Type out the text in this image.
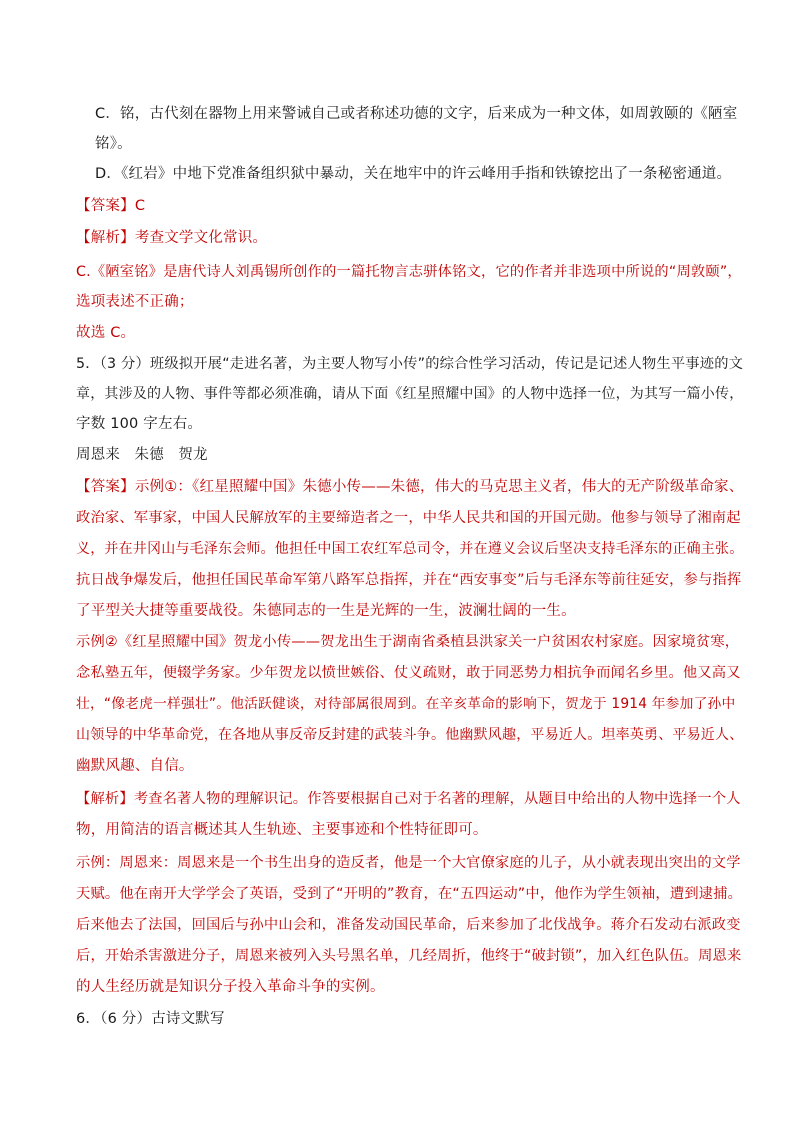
C．铭，古代刻在器物上用来警诫自己或者称述功德的文字，后来成为一种文体，如周敦颐的《陋室
铭》。
D．《红岩》中地下党准备组织狱中暴动，关在地牢中的许云峰用手指和铁镣挖出了一条秘密通道。
【答案】C
【解析】考查文学文化常识。
C.《陋室铭》是唐代诗人刘禹锡所创作的一篇托物言志骈体铭文，它的作者并非选项中所说的“周敦颐”，
选项表述不正确；
故选 C。
5．（3 分）班级拟开展“走进名著，为主要人物写小传”的综合性学习活动，传记是记述人物生平事迹的文
章，其涉及的人物、事件等都必须准确，请从下面《红星照耀中国》的人物中选择一位，为其写一篇小传，
字数 100 字左右。
周恩来   朱德   贺龙
【答案】示例①：《红星照耀中国》朱德小传——朱德，伟大的马克思主义者，伟大的无产阶级革命家、
政治家、军事家，中国人民解放军的主要缔造者之一，中华人民共和国的开国元勋。他参与领导了湘南起
义，并在井冈山与毛泽东会师。他担任中国工农红军总司令，并在遵义会议后坚决支持毛泽东的正确主张。
抗日战争爆发后，他担任国民革命军第八路军总指挥，并在“西安事变”后与毛泽东等前往延安，参与指挥
了平型关大捷等重要战役。朱德同志的一生是光辉的一生，波澜壮阔的一生。
示例②《红星照耀中国》贺龙小传——贺龙出生于湖南省桑植县洪家关一户贫困农村家庭。因家境贫寒，
念私塾五年，便辍学务家。少年贺龙以愤世嫉俗、仗义疏财，敢于同恶势力相抗争而闻名乡里。他又高又
壮，“像老虎一样强壮”。他活跃健谈，对待部属很周到。在辛亥革命的影响下，贺龙于 1914 年参加了孙中
山领导的中华革命党，在各地从事反帝反封建的武装斗争。他幽默风趣，平易近人。坦率英勇、平易近人、
幽默风趣、自信。
【解析】考查名著人物的理解识记。作答要根据自己对于名著的理解，从题目中给出的人物中选择一个人
物，用简洁的语言概述其人生轨迹、主要事迹和个性特征即可。
示例：周恩来：周恩来是一个书生出身的造反者，他是一个大官僚家庭的儿子，从小就表现出突出的文学
天赋。他在南开大学学会了英语，受到了“开明的”教育，在“五四运动”中，他作为学生领袖，遭到逮捕。
后来他去了法国，回国后与孙中山会和，准备发动国民革命，后来参加了北伐战争。蒋介石发动右派政变
后，开始杀害激进分子，周恩来被列入头号黑名单，几经周折，他终于“破封锁”，加入红色队伍。周恩来
的人生经历就是知识分子投入革命斗争的实例。
6．（6 分）古诗文默写
